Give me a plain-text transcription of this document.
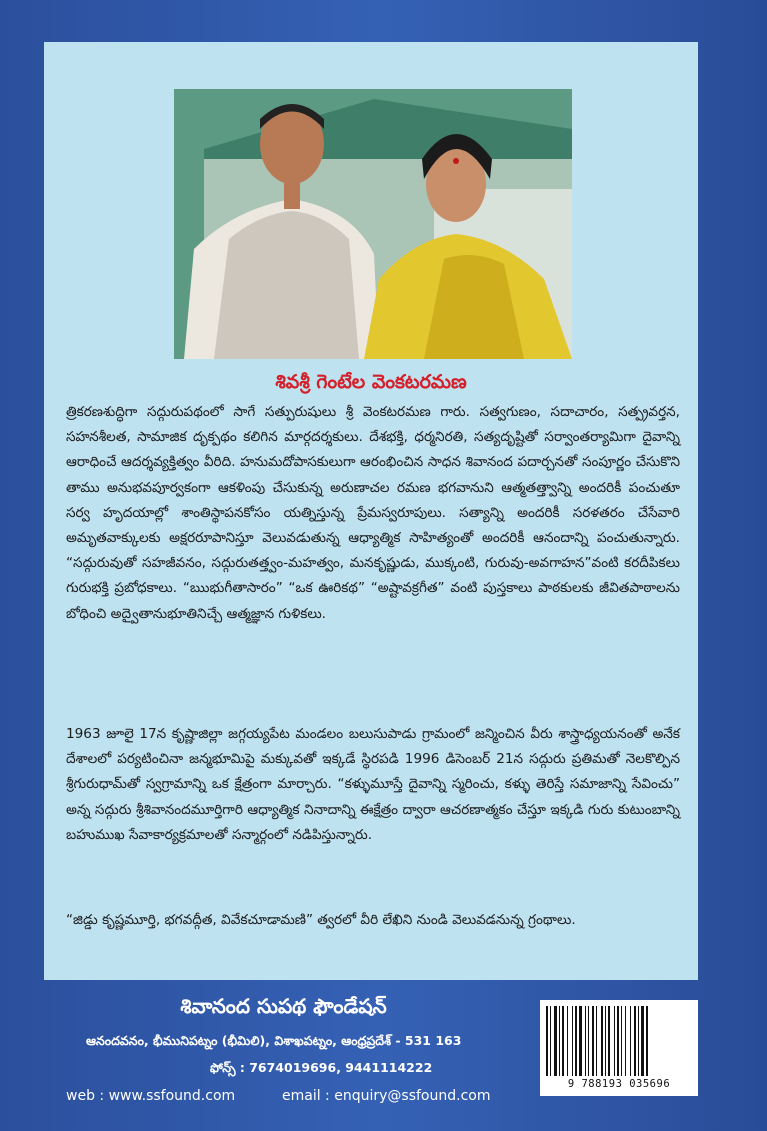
శివశ్రీ గెంటేల వెంకటరమణ
త్రికరణశుద్ధిగా సద్గురుపథంలో సాగే సత్పురుషులు శ్రీ వెంకటరమణ గారు. సత్వగుణం, సదాచారం, సత్ప్రవర్తన, సహనశీలత, సామాజిక దృక్పథం కలిగిన మార్గదర్శకులు. దేశభక్తి, ధర్మనిరతి, సత్యదృష్టితో సర్వాంతర్యామిగా దైవాన్ని ఆరాధించే ఆదర్శవ్యక్తిత్వం వీరిది. హనుమదోపాసకులుగా ఆరంభించిన సాధన శివానంద పదార్చనతో సంపూర్ణం చేసుకొని తాము అనుభవపూర్వకంగా ఆకళింపు చేసుకున్న అరుణాచల రమణ భగవానుని ఆత్మతత్త్వాన్ని అందరికీ పంచుతూ సర్వ హృదయాల్లో శాంతిస్థాపనకోసం యత్నిస్తున్న ప్రేమస్వరూపులు. సత్యాన్ని అందరికీ సరళతరం చేసేవారి అమృతవాక్కులకు అక్షరరూపానిస్తూ వెలువడుతున్న ఆధ్యాత్మిక సాహిత్యంతో అందరికీ ఆనందాన్ని పంచుతున్నారు. “సద్గురువుతో సహజీవనం, సద్గురుతత్త్వం-మహత్వం, మనకృష్ణుడు, ముక్కంటి, గురువు-అవగాహన”వంటి కరదీపికలు గురుభక్తి ప్రబోధకాలు. “ఋభుగీతాసారం” “ఒక ఊరికథ” “అష్టావక్రగీత” వంటి పుస్తకాలు పాఠకులకు జీవితపాఠాలను బోధించి అద్వైతానుభూతినిచ్చే ఆత్మజ్ఞాన గుళికలు.
1963 జూలై 17న కృష్ణాజిల్లా జగ్గయ్యపేట మండలం బలుసుపాడు గ్రామంలో జన్మించిన వీరు శాస్త్రాధ్యయనంతో అనేక దేశాలలో పర్యటించినా జన్మభూమిపై మక్కువతో ఇక్కడే స్థిరపడి 1996 డిసెంబర్ 21న సద్గురు ప్రతిమతో నెలకొల్పిన శ్రీగురుధామ్‌తో స్వగ్రామాన్ని ఒక క్షేత్రంగా మార్చారు. “కళ్ళుమూస్తే దైవాన్ని స్మరించు, కళ్ళు తెరిస్తే సమాజాన్ని సేవించు” అన్న సద్గురు శ్రీశివానందమూర్తిగారి ఆధ్యాత్మిక నినాదాన్ని ఈక్షేత్రం ద్వారా ఆచరణాత్మకం చేస్తూ ఇక్కడి గురు కుటుంబాన్ని బహుముఖ సేవాకార్యక్రమాలతో సన్మార్గంలో నడిపిస్తున్నారు.
“జిడ్డు కృష్ణమూర్తి, భగవద్గీత, వివేకచూడామణి” త్వరలో వీరి లేఖిని నుండి వెలువడనున్న గ్రంథాలు.
శివానంద సుపథ ఫౌండేషన్
ఆనందవనం, భీమునిపట్నం (భీమిలి), విశాఖపట్నం, ఆంధ్రప్రదేశ్ - 531 163
ఫోన్స్ : 7674019696, 9441114222
web : www.ssfound.com	email : enquiry@ssfound.com
9 788193 035696
